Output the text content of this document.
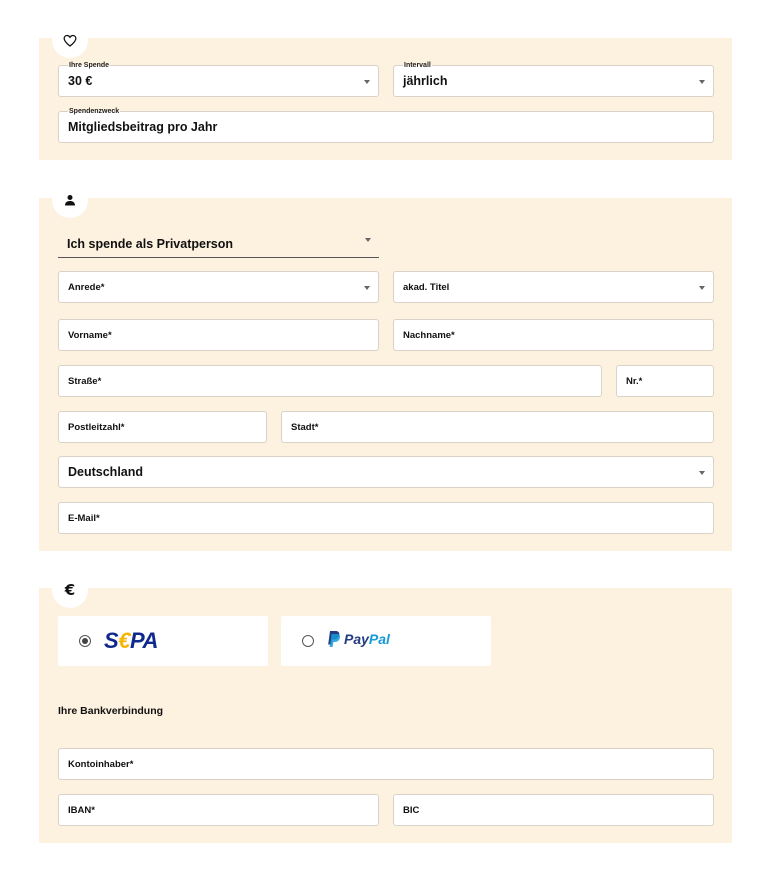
Ihre Spende
30 €
Intervall
jährlich
Spendenzweck
Mitgliedsbeitrag pro Jahr
Ich spende als Privatperson
Anrede*	akad. Titel
Vorname*	Nachname*
Straße*	Nr.*
Postleitzahl*	Stadt*
Deutschland
E-Mail*
€
S€PA	PayPal
Ihre Bankverbindung
Kontoinhaber*
IBAN*	BIC
